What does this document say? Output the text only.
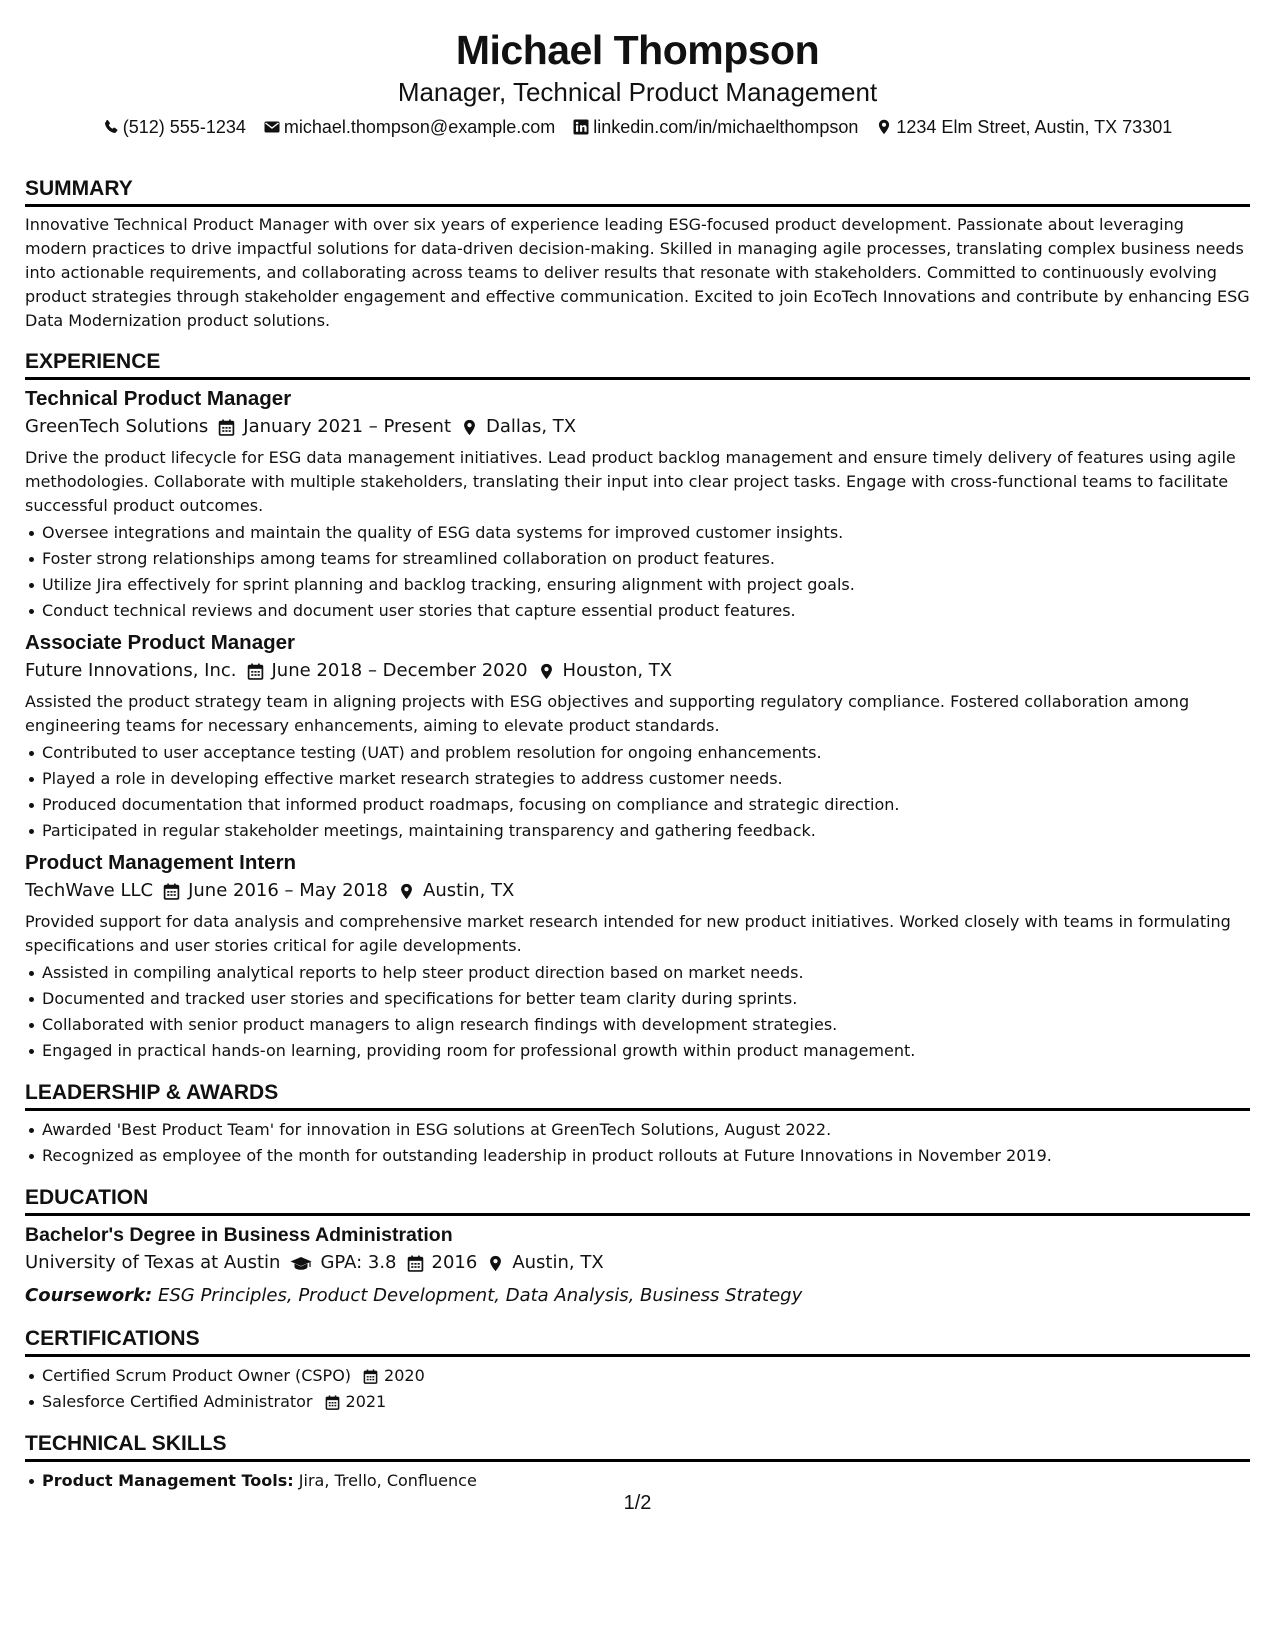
Michael Thompson
Manager, Technical Product Management
(512) 555-1234 michael.thompson@example.com linkedin.com/in/michaelthompson 1234 Elm Street, Austin, TX 73301
SUMMARY

Innovative Technical Product Manager with over six years of experience leading ESG-focused product development. Passionate about leveraging modern practices to drive impactful solutions for data-driven decision-making. Skilled in managing agile processes, translating complex business needs into actionable requirements, and collaborating across teams to deliver results that resonate with stakeholders. Committed to continuously evolving product strategies through stakeholder engagement and effective communication. Excited to join EcoTech Innovations and contribute by enhancing ESG Data Modernization product solutions.

EXPERIENCE
Technical Product Manager
GreenTech Solutions January 2021 – Present Dallas, TX

Drive the product lifecycle for ESG data management initiatives. Lead product backlog management and ensure timely delivery of features using agile methodologies. Collaborate with multiple stakeholders, translating their input into clear project tasks. Engage with cross-functional teams to facilitate successful product outcomes.

Oversee integrations and maintain the quality of ESG data systems for improved customer insights.
Foster strong relationships among teams for streamlined collaboration on product features.
Utilize Jira effectively for sprint planning and backlog tracking, ensuring alignment with project goals.
Conduct technical reviews and document user stories that capture essential product features.
Associate Product Manager
Future Innovations, Inc. June 2018 – December 2020 Houston, TX

Assisted the product strategy team in aligning projects with ESG objectives and supporting regulatory compliance. Fostered collaboration among engineering teams for necessary enhancements, aiming to elevate product standards.

Contributed to user acceptance testing (UAT) and problem resolution for ongoing enhancements.
Played a role in developing effective market research strategies to address customer needs.
Produced documentation that informed product roadmaps, focusing on compliance and strategic direction.
Participated in regular stakeholder meetings, maintaining transparency and gathering feedback.
Product Management Intern
TechWave LLC June 2016 – May 2018 Austin, TX

Provided support for data analysis and comprehensive market research intended for new product initiatives. Worked closely with teams in formulating specifications and user stories critical for agile developments.

Assisted in compiling analytical reports to help steer product direction based on market needs.
Documented and tracked user stories and specifications for better team clarity during sprints.
Collaborated with senior product managers to align research findings with development strategies.
Engaged in practical hands-on learning, providing room for professional growth within product management.
LEADERSHIP & AWARDS
Awarded 'Best Product Team' for innovation in ESG solutions at GreenTech Solutions, August 2022.
Recognized as employee of the month for outstanding leadership in product rollouts at Future Innovations in November 2019.
EDUCATION
Bachelor's Degree in Business Administration
University of Texas at Austin GPA: 3.8 2016 Austin, TX
Coursework: ESG Principles, Product Development, Data Analysis, Business Strategy
CERTIFICATIONS
Certified Scrum Product Owner (CSPO) 2020
Salesforce Certified Administrator 2021
TECHNICAL SKILLS
Product Management Tools: Jira, Trello, Confluence
1/2
